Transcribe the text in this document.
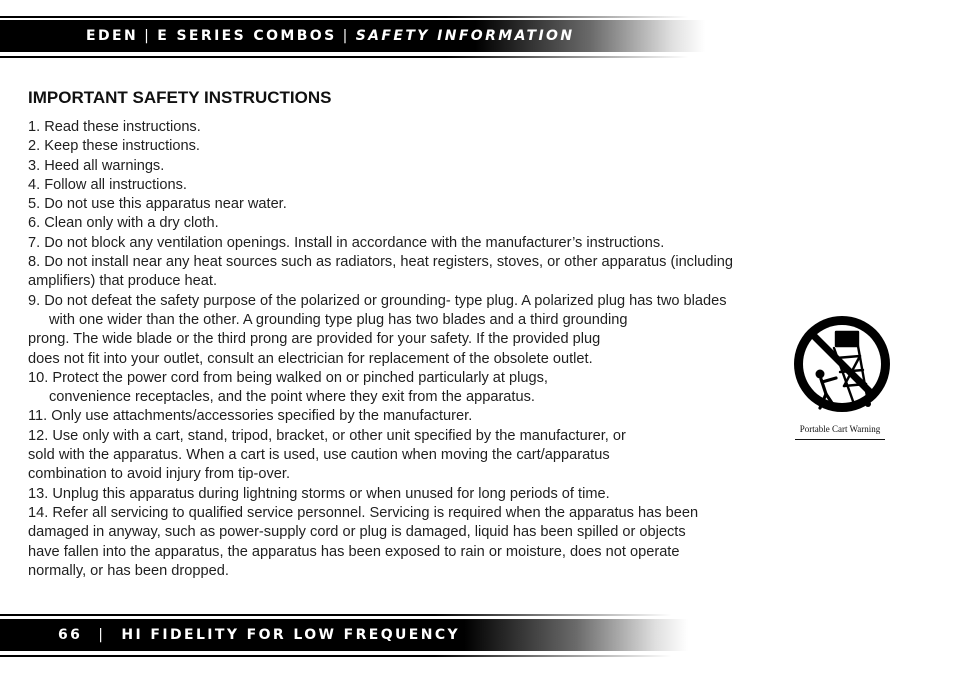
EDEN | E SERIES COMBOS | SAFETY INFORMATION
IMPORTANT SAFETY INSTRUCTIONS
1. Read these instructions.
2. Keep these instructions.
3. Heed all warnings.
4. Follow all instructions.
5. Do not use this apparatus near water.
6. Clean only with a dry cloth.
7. Do not block any ventilation openings. Install in accordance with the manufacturer’s instructions.
8. Do not install near any heat sources such as radiators, heat registers, stoves, or other apparatus (including
amplifiers) that produce heat.
9. Do not defeat the safety purpose of the polarized or grounding- type plug. A polarized plug has two blades
with one wider than the other. A grounding type plug has two blades and a third grounding
prong. The wide blade or the third prong are provided for your safety. If the provided plug
does not fit into your outlet, consult an electrician for replacement of the obsolete outlet.
10. Protect the power cord from being walked on or pinched particularly at plugs,
convenience receptacles, and the point where they exit from the apparatus.
11. Only use attachments/accessories specified by the manufacturer.
12. Use only with a cart, stand, tripod, bracket, or other unit specified by the manufacturer, or
sold with the apparatus. When a cart is used, use caution when moving the cart/apparatus
combination to avoid injury from tip-over.
13. Unplug this apparatus during lightning storms or when unused for long periods of time.
14. Refer all servicing to qualified service personnel. Servicing is required when the apparatus has been
damaged in anyway, such as power-supply cord or plug is damaged, liquid has been spilled or objects
have fallen into the apparatus, the apparatus has been exposed to rain or moisture, does not operate
normally, or has been dropped.
Portable Cart Warning
66 | HI FIDELITY FOR LOW FREQUENCY
